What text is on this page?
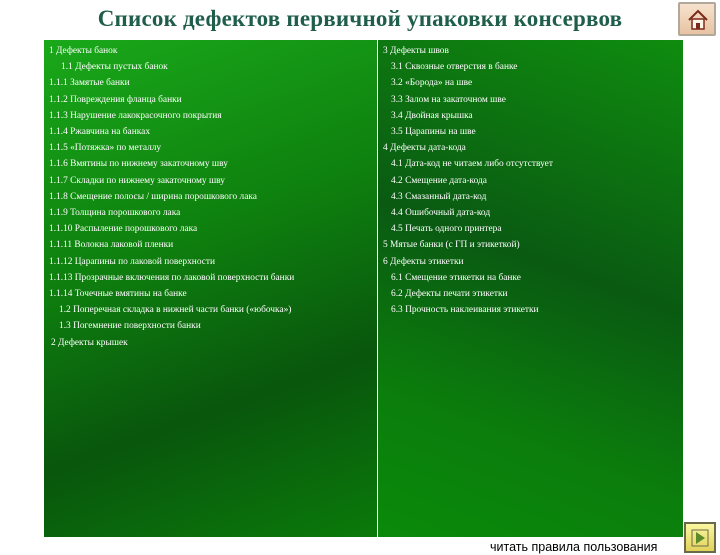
Список дефектов первичной упаковки консервов
1 Дефекты банок
1.1 Дефекты пустых банок
1.1.1 Замятые банки
1.1.2 Повреждения фланца банки
1.1.3 Нарушение лакокрасочного покрытия
1.1.4 Ржавчина на банках
1.1.5 «Потяжка» по металлу
1.1.6 Вмятины по нижнему закаточному шву
1.1.7 Складки по нижнему закаточному шву
1.1.8 Смещение полосы / ширина порошкового лака
1.1.9 Толщина порошкового лака
1.1.10 Распыление порошкового лака
1.1.11 Волокна лаковой пленки
1.1.12 Царапины по лаковой поверхности
1.1.13 Прозрачные включения по лаковой поверхности банки
1.1.14 Точечные вмятины на банке
1.2 Поперечная складка в нижней части банки («юбочка»)
1.3 Погемнение поверхности банки
2 Дефекты крышек
3 Дефекты швов
3.1 Сквозные отверстия в банке
3.2 «Борода» на шве
3.3 Залом на закаточном шве
3.4 Двойная крышка
3.5 Царапины на шве
4 Дефекты дата-кода
4.1 Дата-код не читаем либо отсутствует
4.2 Смещение дата-кода
4.3 Смазанный дата-код
4.4 Ошибочный дата-код
4.5 Печать одного принтера
5 Мятые банки (с ГП и этикеткой)
6 Дефекты этикетки
6.1 Смещение этикетки на банке
6.2 Дефекты печати этикетки
6.3 Прочность наклеивания этикетки
читать правила пользования
